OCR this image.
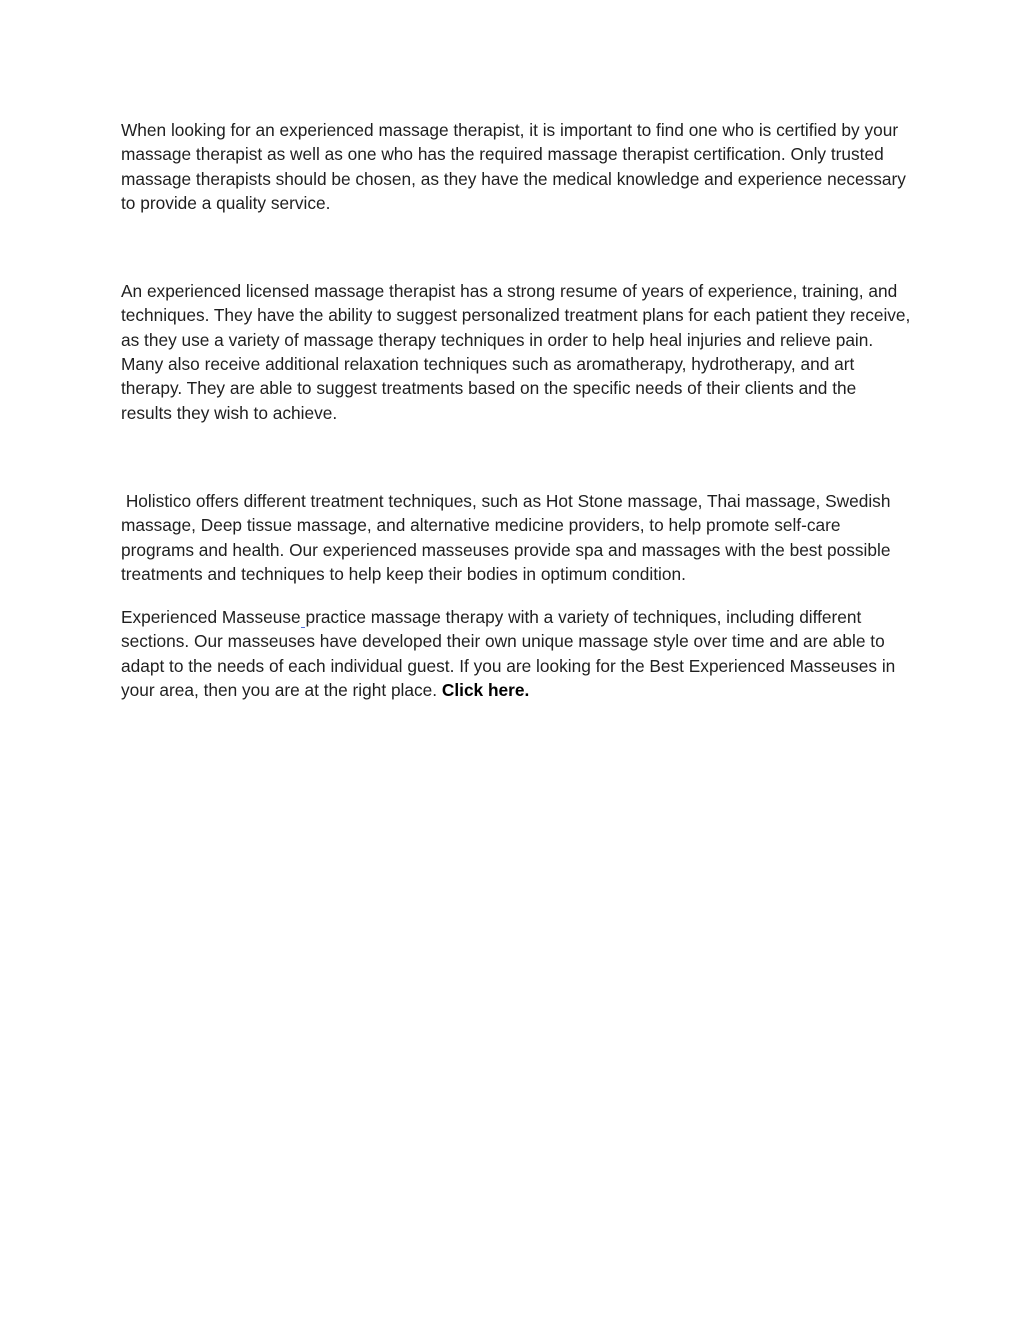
When looking for an experienced massage therapist, it is important to find one who is certified by your massage therapist as well as one who has the required massage therapist certification. Only trusted massage therapists should be chosen, as they have the medical knowledge and experience necessary to provide a quality service.

An experienced licensed massage therapist has a strong resume of years of experience, training, and techniques. They have the ability to suggest personalized treatment plans for each patient they receive, as they use a variety of massage therapy techniques in order to help heal injuries and relieve pain. Many also receive additional relaxation techniques such as aromatherapy, hydrotherapy, and art therapy. They are able to suggest treatments based on the specific needs of their clients and the results they wish to achieve.

Holistico offers different treatment techniques, such as Hot Stone massage, Thai massage, Swedish massage, Deep tissue massage, and alternative medicine providers, to help promote self-care programs and health. Our experienced masseuses provide spa and massages with the best possible treatments and techniques to help keep their bodies in optimum condition.

Experienced Masseuse practice massage therapy with a variety of techniques, including different sections. Our masseuses have developed their own unique massage style over time and are able to adapt to the needs of each individual guest. If you are looking for the Best Experienced Masseuses in your area, then you are at the right place. Click here.
